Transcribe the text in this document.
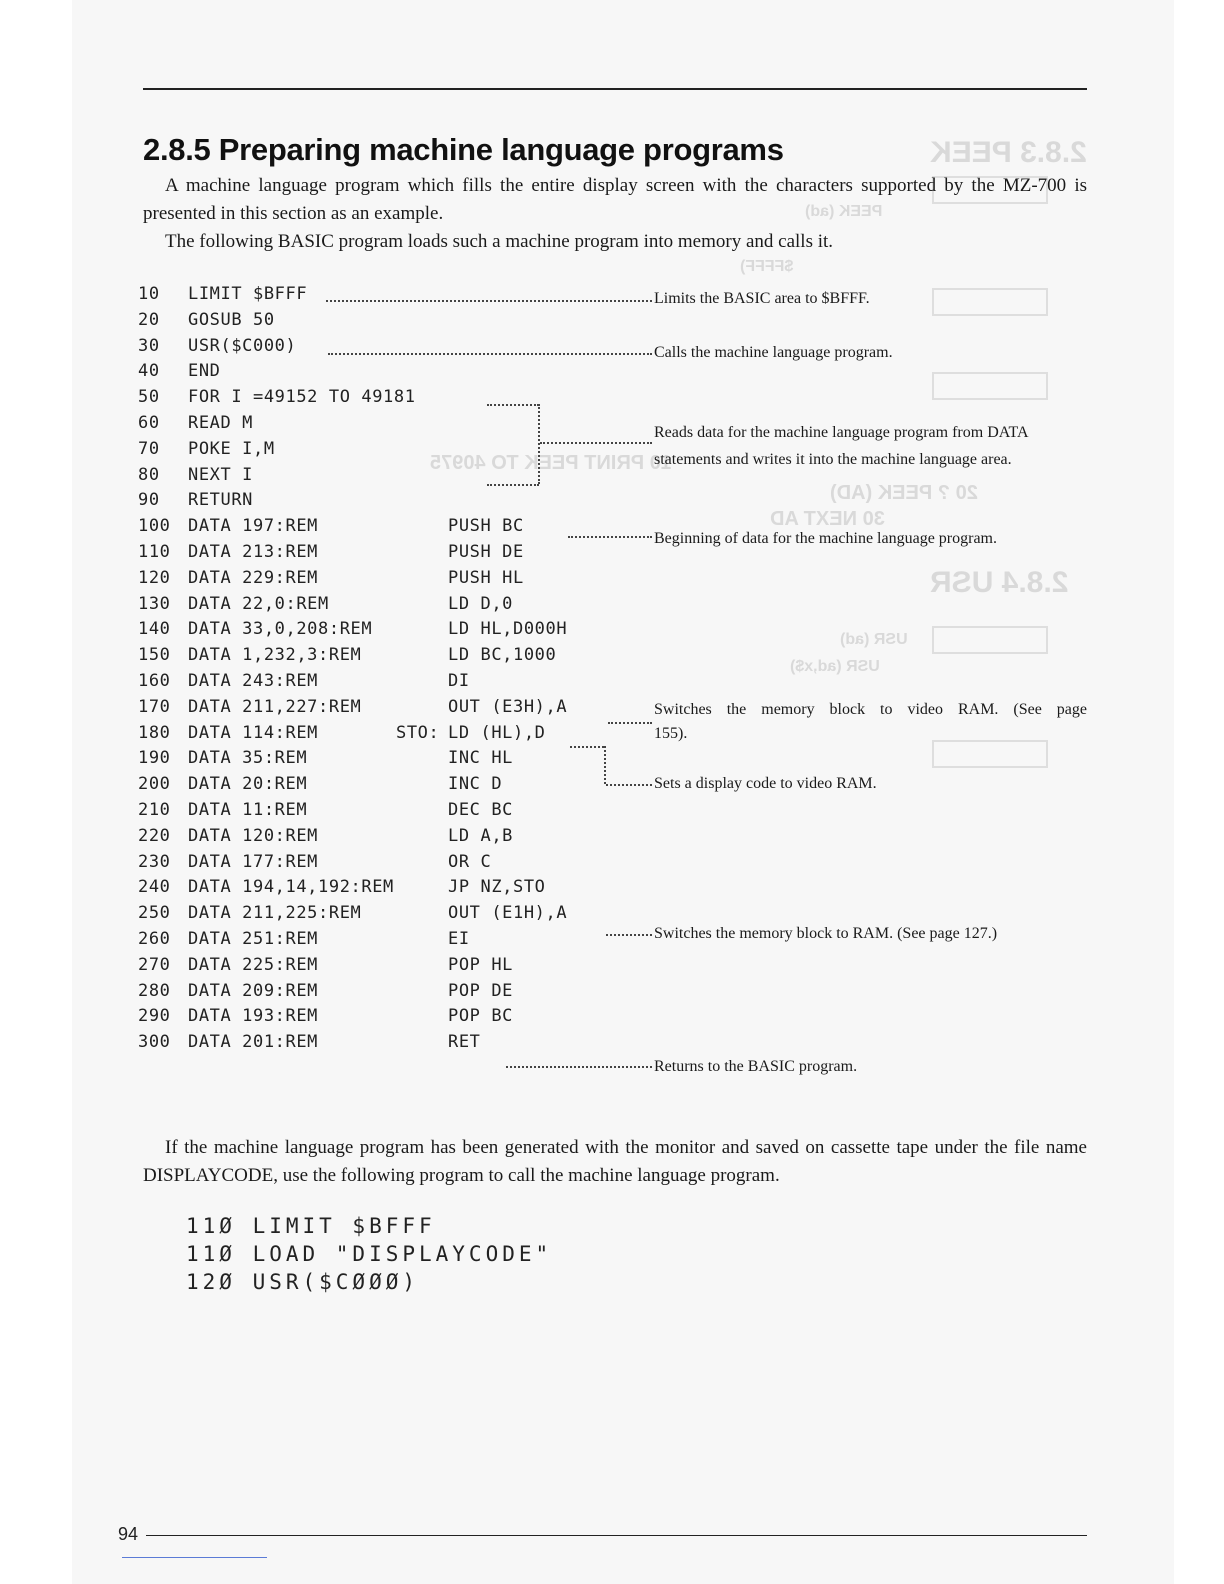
2.8.3 PEEK
PEEK (ad)
$FFFF)
10 PRINT PEEK TO 40975
20 ? PEEK (AD)
30 NEXT AD
2.8.4 USR
USR (ad)
USR (ad,x$)
2.8.5 Preparing machine language programs

A machine language program which fills the entire display screen with the characters supported by the MZ-700 is presented in this section as an example.

The following BASIC program loads such a machine program into memory and calls it.

10 LIMIT $BFFF
20 GOSUB 50
30 USR($C000)
40 END
50 FOR I =49152 TO 49181
60 READ M
70 POKE I,M
80 NEXT I
90 RETURN
100 DATA 197:REM	PUSH BC
110 DATA 213:REM	PUSH DE
120 DATA 229:REM	PUSH HL
130 DATA 22,0:REM	LD D,0
140 DATA 33,0,208:REM	LD HL,D000H
150 DATA 1,232,3:REM	LD BC,1000
160 DATA 243:REM	DI
170 DATA 211,227:REM	OUT (E3H),A
180 DATA 114:REM	STO: LD (HL),D
190 DATA 35:REM	INC HL
200 DATA 20:REM	INC D
210 DATA 11:REM	DEC BC
220 DATA 120:REM	LD A,B
230 DATA 177:REM	OR C
240 DATA 194,14,192:REM	JP NZ,STO
250 DATA 211,225:REM	OUT (E1H),A
260 DATA 251:REM	EI
270 DATA 225:REM	POP HL
280 DATA 209:REM	POP DE
290 DATA 193:REM	POP BC
300 DATA 201:REM	RET
Limits the BASIC area to $BFFF.
Calls the machine language program.
Reads data for the machine language program from DATA
statements and writes it into the machine language area.
Beginning of data for the machine language program.
Switches the memory block to video RAM. (See page
155).
Sets a display code to video RAM.
Switches the memory block to RAM. (See page 127.)
Returns to the BASIC program.

If the machine language program has been generated with the monitor and saved on cassette tape under the file name DISPLAYCODE, use the following program to call the machine language program.

11Ø LIMIT $BFFF
11Ø LOAD "DISPLAYCODE"
12Ø USR($CØØØ)
94
